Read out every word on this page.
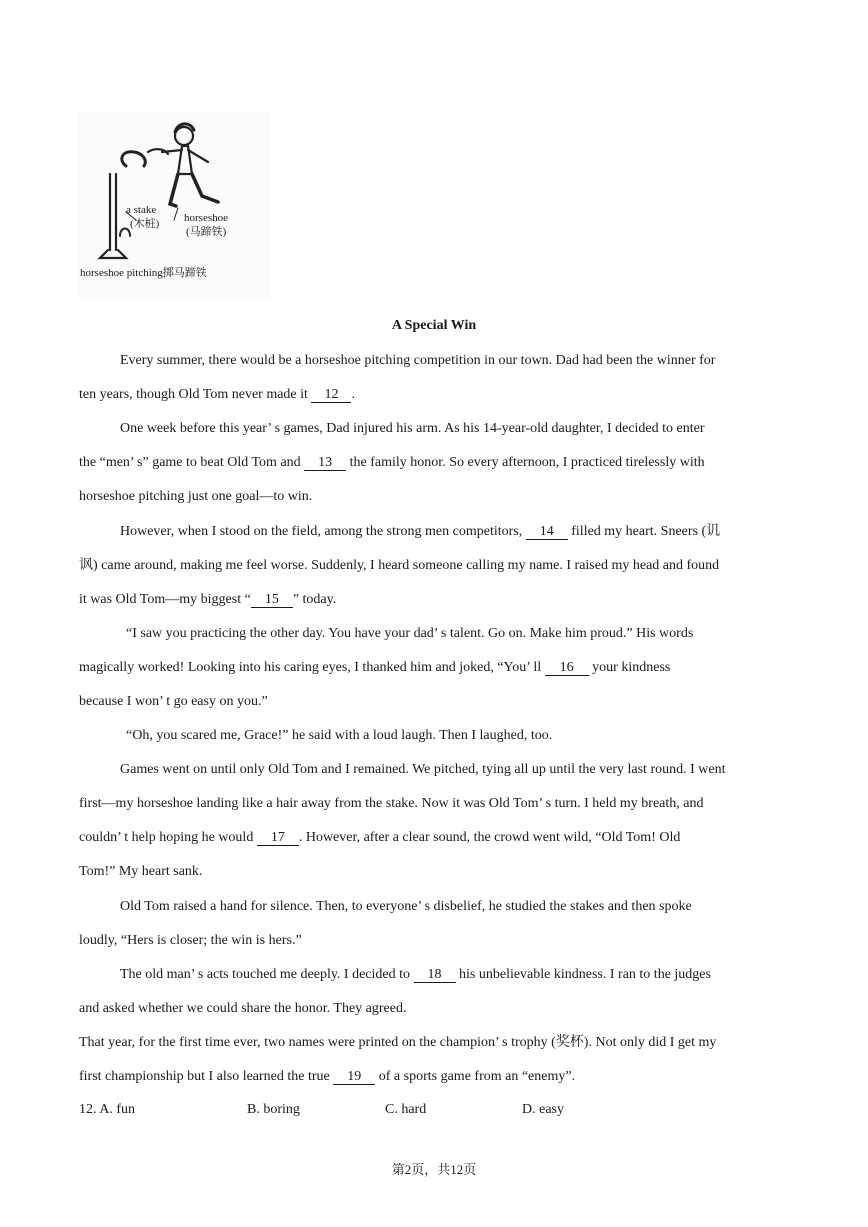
a stake
(木桩) horseshoe
(马蹄铁)
horseshoe pitching掷马蹄铁
A Special Win
Every summer, there would be a horseshoe pitching competition in our town. Dad had been the winner for
ten years, though Old Tom never made it 12 .
One week before this year’ s games, Dad injured his arm. As his 14-year-old daughter, I decided to enter
the “men’ s” game to beat Old Tom and 13 the family honor. So every afternoon, I practiced tirelessly with
horseshoe pitching just one goal—to win.
However, when I stood on the field, among the strong men competitors, 14 filled my heart. Sneers (讥
讽) came around, making me feel worse. Suddenly, I heard someone calling my name. I raised my head and found
it was Old Tom—my biggest “ 15 ” today.
“I saw you practicing the other day. You have your dad’ s talent. Go on. Make him proud.” His words
magically worked! Looking into his caring eyes, I thanked him and joked, “You’ ll 16 your kindness
because I won’ t go easy on you.”
“Oh, you scared me, Grace!” he said with a loud laugh. Then I laughed, too.
Games went on until only Old Tom and I remained. We pitched, tying all up until the very last round. I went
first—my horseshoe landing like a hair away from the stake. Now it was Old Tom’ s turn. I held my breath, and
couldn’ t help hoping he would 17 . However, after a clear sound, the crowd went wild, “Old Tom! Old
Tom!” My heart sank.
Old Tom raised a hand for silence. Then, to everyone’ s disbelief, he studied the stakes and then spoke
loudly, “Hers is closer; the win is hers.”
The old man’ s acts touched me deeply. I decided to 18 his unbelievable kindness. I ran to the judges
and asked whether we could share the honor. They agreed.
That year, for the first time ever, two names were printed on the champion’ s trophy (奖杯). Not only did I get my
first championship but I also learned the true 19 of a sports game from an “enemy”.
12. A. fun	B. boring	C. hard	D. easy
第2页，共12页
